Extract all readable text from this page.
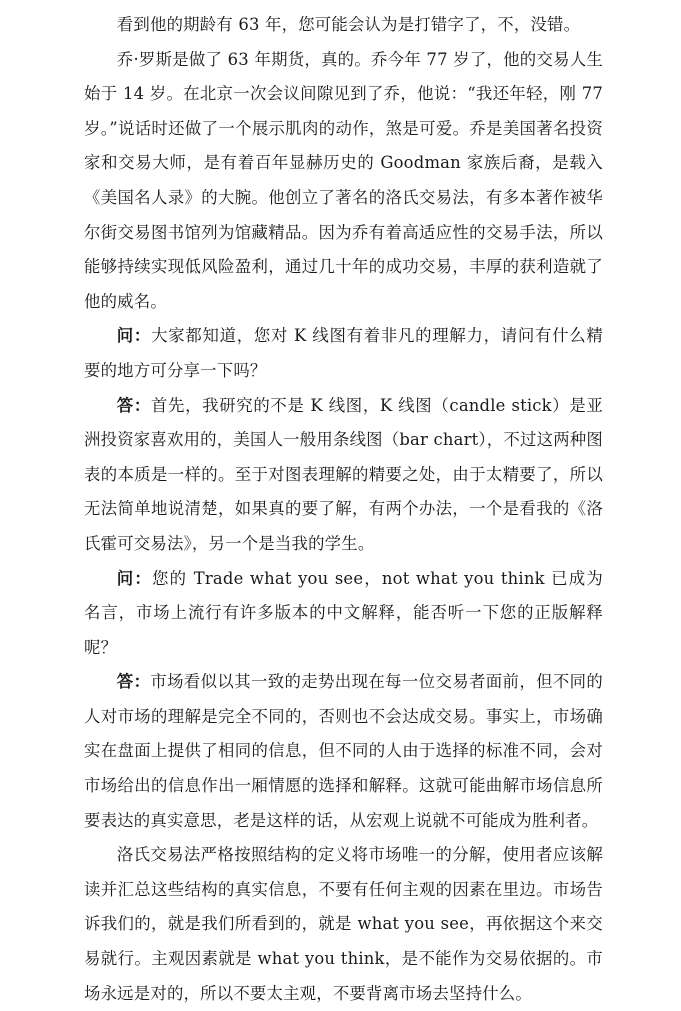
看到他的期龄有 63 年，您可能会认为是打错字了，不，没错。

乔·罗斯是做了 63 年期货，真的。乔今年 77 岁了，他的交易人生始于 14 岁。在北京一次会议间隙见到了乔，他说：“我还年轻，刚 77 岁。”说话时还做了一个展示肌肉的动作，煞是可爱。乔是美国著名投资家和交易大师，是有着百年显赫历史的 Goodman 家族后裔，是载入《美国名人录》的大腕。他创立了著名的洛氏交易法，有多本著作被华尔街交易图书馆列为馆藏精品。因为乔有着高适应性的交易手法，所以能够持续实现低风险盈利，通过几十年的成功交易，丰厚的获利造就了他的威名。

问：大家都知道，您对 K 线图有着非凡的理解力，请问有什么精要的地方可分享一下吗？

答：首先，我研究的不是 K 线图，K 线图（candle stick）是亚洲投资家喜欢用的，美国人一般用条线图（bar chart），不过这两种图表的本质是一样的。至于对图表理解的精要之处，由于太精要了，所以无法简单地说清楚，如果真的要了解，有两个办法，一个是看我的《洛氏霍可交易法》，另一个是当我的学生。

问：您的 Trade what you see，not what you think 已成为名言，市场上流行有许多版本的中文解释，能否听一下您的正版解释呢？

答：市场看似以其一致的走势出现在每一位交易者面前，但不同的人对市场的理解是完全不同的，否则也不会达成交易。事实上，市场确实在盘面上提供了相同的信息，但不同的人由于选择的标准不同，会对市场给出的信息作出一厢情愿的选择和解释。这就可能曲解市场信息所要表达的真实意思，老是这样的话，从宏观上说就不可能成为胜利者。

洛氏交易法严格按照结构的定义将市场唯一的分解，使用者应该解读并汇总这些结构的真实信息，不要有任何主观的因素在里边。市场告诉我们的，就是我们所看到的，就是 what you see，再依据这个来交易就行。主观因素就是 what you think，是不能作为交易依据的。市场永远是对的，所以不要太主观，不要背离市场去坚持什么。
